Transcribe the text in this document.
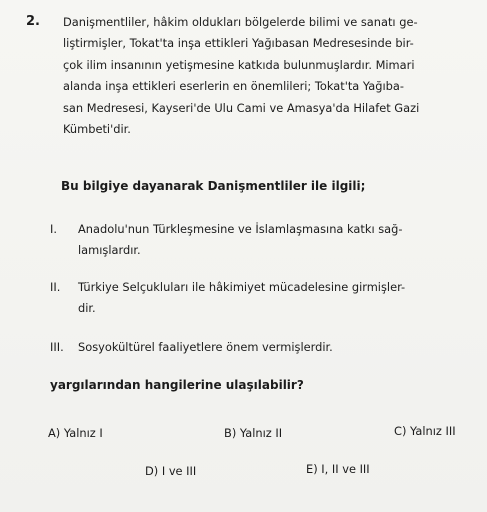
2. Danişmentliler, hâkim oldukları bölgelerde bilimi ve sanatı ge-
liştirmişler, Tokat'ta inşa ettikleri Yağıbasan Medresesinde bir-
çok ilim insanının yetişmesine katkıda bulunmuşlardır. Mimari
alanda inşa ettikleri eserlerin en önemlileri; Tokat'ta Yağıba-
san Medresesi, Kayseri'de Ulu Cami ve Amasya'da Hilafet Gazi
Kümbeti'dir.
Bu bilgiye dayanarak Danişmentliler ile ilgili;
I. Anadolu'nun Türkleşmesine ve İslamlaşmasına katkı sağ-
lamışlardır.
II. Türkiye Selçukluları ile hâkimiyet mücadelesine girmişler-
dir.
III. Sosyokültürel faaliyetlere önem vermişlerdir.
yargılarından hangilerine ulaşılabilir?
A) Yalnız I	B) Yalnız II	C) Yalnız III
D) I ve III	E) I, II ve III
